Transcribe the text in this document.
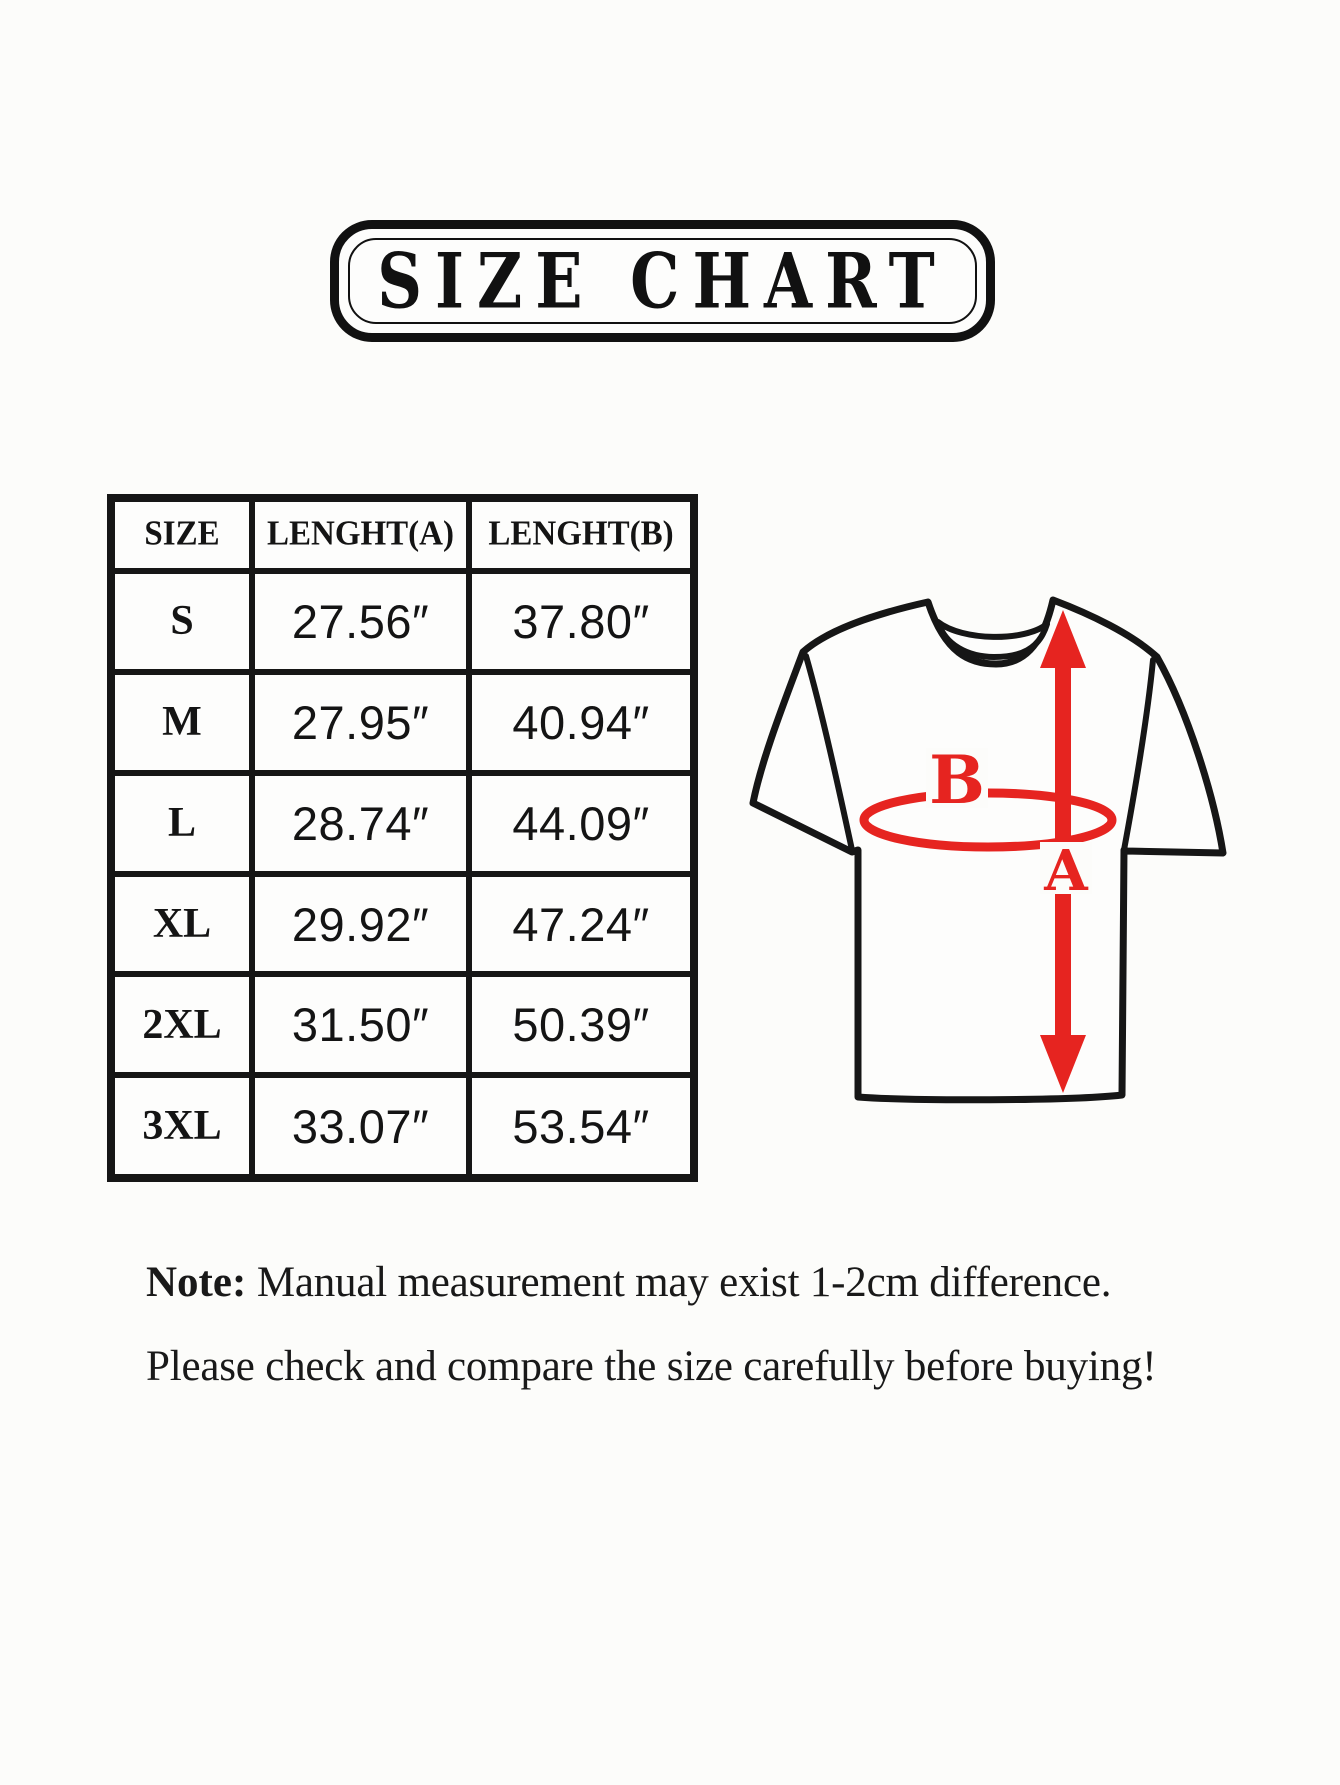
SIZE CHART
SIZE	LENGHT(A)	LENGHT(B)
S	27.56″	37.80″
M	27.95″	40.94″
L	28.74″	44.09″
XL	29.92″	47.24″
2XL	31.50″	50.39″
3XL	33.07″	53.54″
B
A

Note: Manual measurement may exist 1-2cm difference.

Please check and compare the size carefully before buying!
